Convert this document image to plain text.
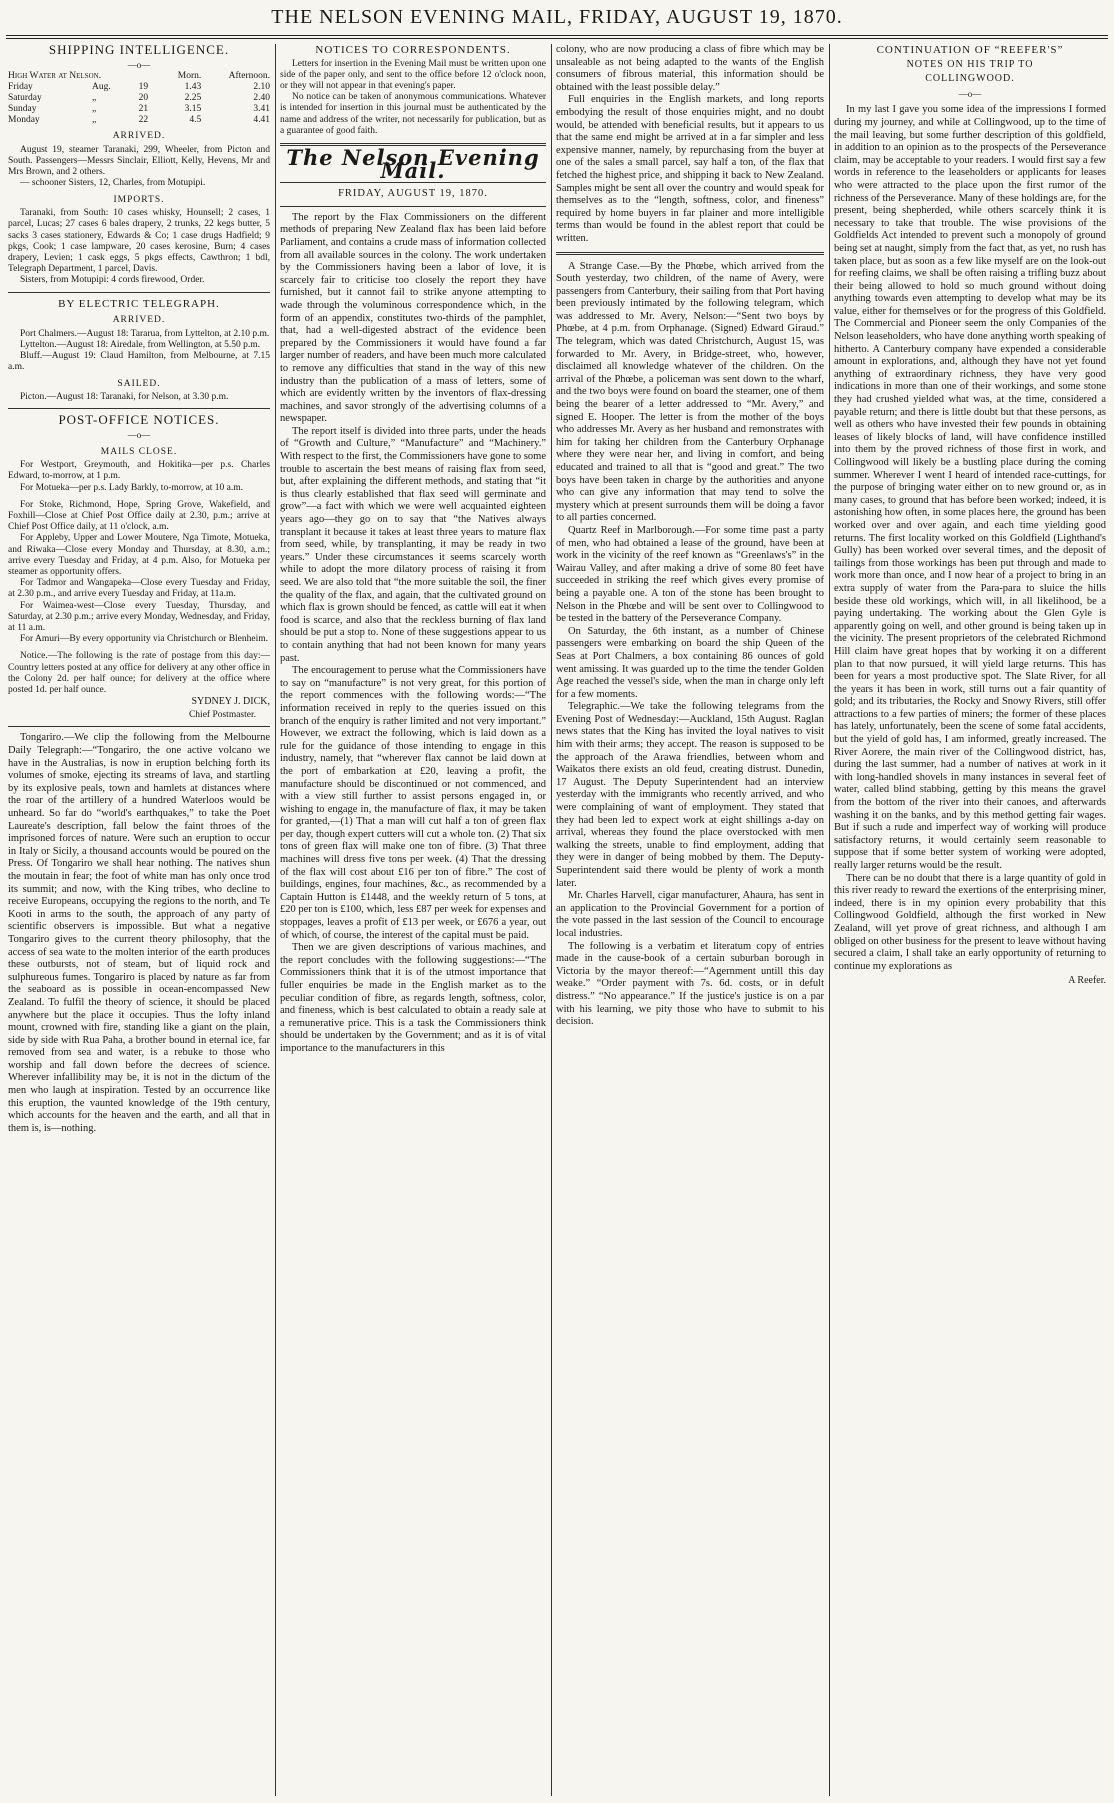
THE NELSON EVENING MAIL, FRIDAY, AUGUST 19, 1870.
SHIPPING INTELLIGENCE.
—o—
High Water at Nelson.			Morn.	Afternoon.
Friday	Aug.	19	1.43	2.10
Saturday	„	20	2.25	2.40
Sunday	„	21	3.15	3.41
Monday	„	22	4.5	4.41
ARRIVED.

August 19, steamer Taranaki, 299, Wheeler, from Picton and South. Passengers—Messrs Sinclair, Elliott, Kelly, Hevens, Mr and Mrs Brown, and 2 others.

— schooner Sisters, 12, Charles, from Motupipi.

IMPORTS.

Taranaki, from South: 10 cases whisky, Hounsell; 2 cases, 1 parcel, Lucas; 27 cases 6 bales drapery, 2 trunks, 22 kegs butter, 5 sacks 3 cases stationery, Edwards & Co; 1 case drugs Hadfield; 9 pkgs, Cook; 1 case lampware, 20 cases kerosine, Burn; 4 cases drapery, Levien; 1 cask eggs, 5 pkgs effects, Cawthron; 1 bdl, Telegraph Department, 1 parcel, Davis.

Sisters, from Motupipi: 4 cords firewood, Order.

BY ELECTRIC TELEGRAPH.
ARRIVED.

Port Chalmers.—August 18: Tararua, from Lyttelton, at 2.10 p.m.

Lyttelton.—August 18: Airedale, from Wellington, at 5.50 p.m.

Bluff.—August 19: Claud Hamilton, from Melbourne, at 7.15 a.m.

SAILED.

Picton.—August 18: Taranaki, for Nelson, at 3.30 p.m.

POST-OFFICE NOTICES.
—o—
MAILS CLOSE.

For Westport, Greymouth, and Hokitika—per p.s. Charles Edward, to-morrow, at 1 p.m.

For Motueka—per p.s. Lady Barkly, to-morrow, at 10 a.m.

For Stoke, Richmond, Hope, Spring Grove, Wakefield, and Foxhill—Close at Chief Post Office daily at 2.30, p.m.; arrive at Chief Post Office daily, at 11 o'clock, a.m.

For Appleby, Upper and Lower Moutere, Nga Timote, Motueka, and Riwaka—Close every Monday and Thursday, at 8.30, a.m.; arrive every Tuesday and Friday, at 4 p.m. Also, for Motueka per steamer as opportunity offers.

For Tadmor and Wangapeka—Close every Tuesday and Friday, at 2.30 p.m., and arrive every Tuesday and Friday, at 11a.m.

For Waimea-west—Close every Tuesday, Thursday, and Saturday, at 2.30 p.m.; arrive every Monday, Wednesday, and Friday, at 11 a.m.

For Amuri—By every opportunity via Christchurch or Blenheim.

Notice.—The following is the rate of postage from this day:—Country letters posted at any office for delivery at any other office in the Colony 2d. per half ounce; for delivery at the office where posted 1d. per half ounce.

SYDNEY J. DICK,
Chief Postmaster.

Tongariro.—We clip the following from the Melbourne Daily Telegraph:—“Tongariro, the one active volcano we have in the Australias, is now in eruption belching forth its volumes of smoke, ejecting its streams of lava, and startling by its explosive peals, town and hamlets at distances where the roar of the artillery of a hundred Waterloos would be unheard. So far do “world's earthquakes,” to take the Poet Laureate's description, fall below the faint throes of the imprisoned forces of nature. Were such an eruption to occur in Italy or Sicily, a thousand accounts would be poured on the Press. Of Tongariro we shall hear nothing. The natives shun the moutain in fear; the foot of white man has only once trod its summit; and now, with the King tribes, who decline to receive Europeans, occupying the regions to the north, and Te Kooti in arms to the south, the approach of any party of scientific observers is impossible. But what a negative Tongariro gives to the current theory philosophy, that the access of sea wate to the molten interior of the earth produces these outbursts, not of steam, but of liquid rock and sulphureous fumes. Tongariro is placed by nature as far from the seaboard as is possible in ocean-encompassed New Zealand. To fulfil the theory of science, it should be placed anywhere but the place it occupies. Thus the lofty inland mount, crowned with fire, standing like a giant on the plain, side by side with Rua Paha, a brother bound in eternal ice, far removed from sea and water, is a rebuke to those who worship and fall down before the decrees of science. Wherever infallibility may be, it is not in the dictum of the men who laugh at inspiration. Tested by an occurrence like this eruption, the vaunted knowledge of the 19th century, which accounts for the heaven and the earth, and all that in them is, is—nothing.

NOTICES TO CORRESPONDENTS.

Letters for insertion in the Evening Mail must be written upon one side of the paper only, and sent to the office before 12 o'clock noon, or they will not appear in that evening's paper.

No notice can be taken of anonymous communications. Whatever is intended for insertion in this journal must be authenticated by the name and address of the writer, not necessarily for publication, but as a guarantee of good faith.

The Nelson Evening Mail.
FRIDAY, AUGUST 19, 1870.

The report by the Flax Commissioners on the different methods of preparing New Zealand flax has been laid before Parliament, and contains a crude mass of information collected from all available sources in the colony. The work undertaken by the Commissioners having been a labor of love, it is scarcely fair to criticise too closely the report they have furnished, but it cannot fail to strike anyone attempting to wade through the voluminous correspondence which, in the form of an appendix, constitutes two-thirds of the pamphlet, that, had a well-digested abstract of the evidence been prepared by the Commissioners it would have found a far larger number of readers, and have been much more calculated to remove any difficulties that stand in the way of this new industry than the publication of a mass of letters, some of which are evidently written by the inventors of flax-dressing machines, and savor strongly of the advertising columns of a newspaper.

The report itself is divided into three parts, under the heads of “Growth and Culture,” “Manufacture” and “Machinery.” With respect to the first, the Commissioners have gone to some trouble to ascertain the best means of raising flax from seed, but, after explaining the different methods, and stating that “it is thus clearly established that flax seed will germinate and grow”—a fact with which we were well acquainted eighteen years ago—they go on to say that “the Natives always transplant it because it takes at least three years to mature flax from seed, while, by transplanting, it may be ready in two years.” Under these circumstances it seems scarcely worth while to adopt the more dilatory process of raising it from seed. We are also told that “the more suitable the soil, the finer the quality of the flax, and again, that the cultivated ground on which flax is grown should be fenced, as cattle will eat it when food is scarce, and also that the reckless burning of flax land should be put a stop to. None of these suggestions appear to us to contain anything that had not been known for many years past.

The encouragement to peruse what the Commissioners have to say on “manufacture” is not very great, for this portion of the report commences with the following words:—“The information received in reply to the queries issued on this branch of the enquiry is rather limited and not very important.” However, we extract the following, which is laid down as a rule for the guidance of those intending to engage in this industry, namely, that “wherever flax cannot be laid down at the port of embarkation at £20, leaving a profit, the manufacture should be discontinued or not commenced, and with a view still further to assist persons engaged in, or wishing to engage in, the manufacture of flax, it may be taken for granted,—(1) That a man will cut half a ton of green flax per day, though expert cutters will cut a whole ton. (2) That six tons of green flax will make one ton of fibre. (3) That three machines will dress five tons per week. (4) That the dressing of the flax will cost about £16 per ton of fibre.” The cost of buildings, engines, four machines, &c., as recommended by a Captain Hutton is £1448, and the weekly return of 5 tons, at £20 per ton is £100, which, less £87 per week for expenses and stoppages, leaves a profit of £13 per week, or £676 a year, out of which, of course, the interest of the capital must be paid.

Then we are given descriptions of various machines, and the report concludes with the following suggestions:—“The Commissioners think that it is of the utmost importance that fuller enquiries be made in the English market as to the peculiar condition of fibre, as regards length, softness, color, and fineness, which is best calculated to obtain a ready sale at a remunerative price. This is a task the Commissioners think should be undertaken by the Government; and as it is of vital importance to the manufacturers in this

colony, who are now producing a class of fibre which may be unsaleable as not being adapted to the wants of the English consumers of fibrous material, this information should be obtained with the least possible delay.”

Full enquiries in the English markets, and long reports embodying the result of those enquiries might, and no doubt would, be attended with beneficial results, but it appears to us that the same end might be arrived at in a far simpler and less expensive manner, namely, by repurchasing from the buyer at one of the sales a small parcel, say half a ton, of the flax that fetched the highest price, and shipping it back to New Zealand. Samples might be sent all over the country and would speak for themselves as to the “length, softness, color, and fineness” required by home buyers in far plainer and more intelligible terms than would be found in the ablest report that could be written.

A Strange Case.—By the Phœbe, which arrived from the South yesterday, two children, of the name of Avery, were passengers from Canterbury, their sailing from that Port having been previously intimated by the following telegram, which was addressed to Mr. Avery, Nelson:—“Sent two boys by Phœbe, at 4 p.m. from Orphanage. (Signed) Edward Giraud.” The telegram, which was dated Christchurch, August 15, was forwarded to Mr. Avery, in Bridge-street, who, however, disclaimed all knowledge whatever of the children. On the arrival of the Phœbe, a policeman was sent down to the wharf, and the two boys were found on board the steamer, one of them being the bearer of a letter addressed to “Mr. Avery,” and signed E. Hooper. The letter is from the mother of the boys who addresses Mr. Avery as her husband and remonstrates with him for taking her children from the Canterbury Orphanage where they were near her, and living in comfort, and being educated and trained to all that is “good and great.” The two boys have been taken in charge by the authorities and anyone who can give any information that may tend to solve the mystery which at present surrounds them will be doing a favor to all parties concerned.

Quartz Reef in Marlborough.—For some time past a party of men, who had obtained a lease of the ground, have been at work in the vicinity of the reef known as “Greenlaws's” in the Wairau Valley, and after making a drive of some 80 feet have succeeded in striking the reef which gives every promise of being a payable one. A ton of the stone has been brought to Nelson in the Phœbe and will be sent over to Collingwood to be tested in the battery of the Perseverance Company.

On Saturday, the 6th instant, as a number of Chinese passengers were embarking on board the ship Queen of the Seas at Port Chalmers, a box containing 86 ounces of gold went amissing. It was guarded up to the time the tender Golden Age reached the vessel's side, when the man in charge only left for a few moments.

Telegraphic.—We take the following telegrams from the Evening Post of Wednesday:—Auckland, 15th August. Raglan news states that the King has invited the loyal natives to visit him with their arms; they accept. The reason is supposed to be the approach of the Arawa friendlies, between whom and Waikatos there exists an old feud, creating distrust. Dunedin, 17 August. The Deputy Superintendent had an interview yesterday with the immigrants who recently arrived, and who were complaining of want of employment. They stated that they had been led to expect work at eight shillings a-day on arrival, whereas they found the place overstocked with men walking the streets, unable to find employment, adding that they were in danger of being mobbed by them. The Deputy-Superintendent said there would be plenty of work a month later.

Mr. Charles Harvell, cigar manufacturer, Ahaura, has sent in an application to the Provincial Government for a portion of the vote passed in the last session of the Council to encourage local industries.

The following is a verbatim et literatum copy of entries made in the cause-book of a certain suburban borough in Victoria by the mayor thereof:—“Agernment untill this day weake.” “Order payment with 7s. 6d. costs, or in defult distress.” “No appearance.” If the justice's justice is on a par with his learning, we pity those who have to submit to his decision.

CONTINUATION OF “REEFER'S”
NOTES ON HIS TRIP TO
COLLINGWOOD.
—o—

In my last I gave you some idea of the impressions I formed during my journey, and while at Collingwood, up to the time of the mail leaving, but some further description of this goldfield, in addition to an opinion as to the prospects of the Perseverance claim, may be acceptable to your readers. I would first say a few words in reference to the leaseholders or applicants for leases who were attracted to the place upon the first rumor of the richness of the Perseverance. Many of these holdings are, for the present, being shepherded, while others scarcely think it is necessary to take that trouble. The wise provisions of the Goldfields Act intended to prevent such a monopoly of ground being set at naught, simply from the fact that, as yet, no rush has taken place, but as soon as a few like myself are on the look-out for reefing claims, we shall be often raising a trifling buzz about their being allowed to hold so much ground without doing anything towards even attempting to develop what may be its value, either for themselves or for the progress of this Goldfield. The Commercial and Pioneer seem the only Companies of the Nelson leaseholders, who have done anything worth speaking of hitherto. A Canterbury company have expended a considerable amount in explorations, and, although they have not yet found anything of extraordinary richness, they have very good indications in more than one of their workings, and some stone they had crushed yielded what was, at the time, considered a payable return; and there is little doubt but that these persons, as well as others who have invested their few pounds in obtaining leases of likely blocks of land, will have confidence instilled into them by the proved richness of those first in work, and Collingwood will likely be a bustling place during the coming summer. Wherever I went I heard of intended race-cuttings, for the purpose of bringing water either on to new ground or, as in many cases, to ground that has before been worked; indeed, it is astonishing how often, in some places here, the ground has been worked over and over again, and each time yielding good returns. The first locality worked on this Goldfield (Lighthand's Gully) has been worked over several times, and the deposit of tailings from those workings has been put through and made to work more than once, and I now hear of a project to bring in an extra supply of water from the Para-para to sluice the hills beside these old workings, which will, in all likelihood, be a paying undertaking. The working about the Glen Gyle is apparently going on well, and other ground is being taken up in the vicinity. The present proprietors of the celebrated Richmond Hill claim have great hopes that by working it on a different plan to that now pursued, it will yield large returns. This has been for years a most productive spot. The Slate River, for all the years it has been in work, still turns out a fair quantity of gold; and its tributaries, the Rocky and Snowy Rivers, still offer attractions to a few parties of miners; the former of these places has lately, unfortunately, been the scene of some fatal accidents, but the yield of gold has, I am informed, greatly increased. The River Aorere, the main river of the Collingwood district, has, during the last summer, had a number of natives at work in it with long-handled shovels in many instances in several feet of water, called blind stabbing, getting by this means the gravel from the bottom of the river into their canoes, and afterwards washing it on the banks, and by this method getting fair wages. But if such a rude and imperfect way of working will produce satisfactory returns, it would certainly seem reasonable to suppose that if some better system of working were adopted, really larger returns would be the result.

There can be no doubt that there is a large quantity of gold in this river ready to reward the exertions of the enterprising miner, indeed, there is in my opinion every probability that this Collingwood Goldfield, although the first worked in New Zealand, will yet prove of great richness, and although I am obliged on other business for the present to leave without having secured a claim, I shall take an early opportunity of returning to continue my explorations as

A Reefer.
